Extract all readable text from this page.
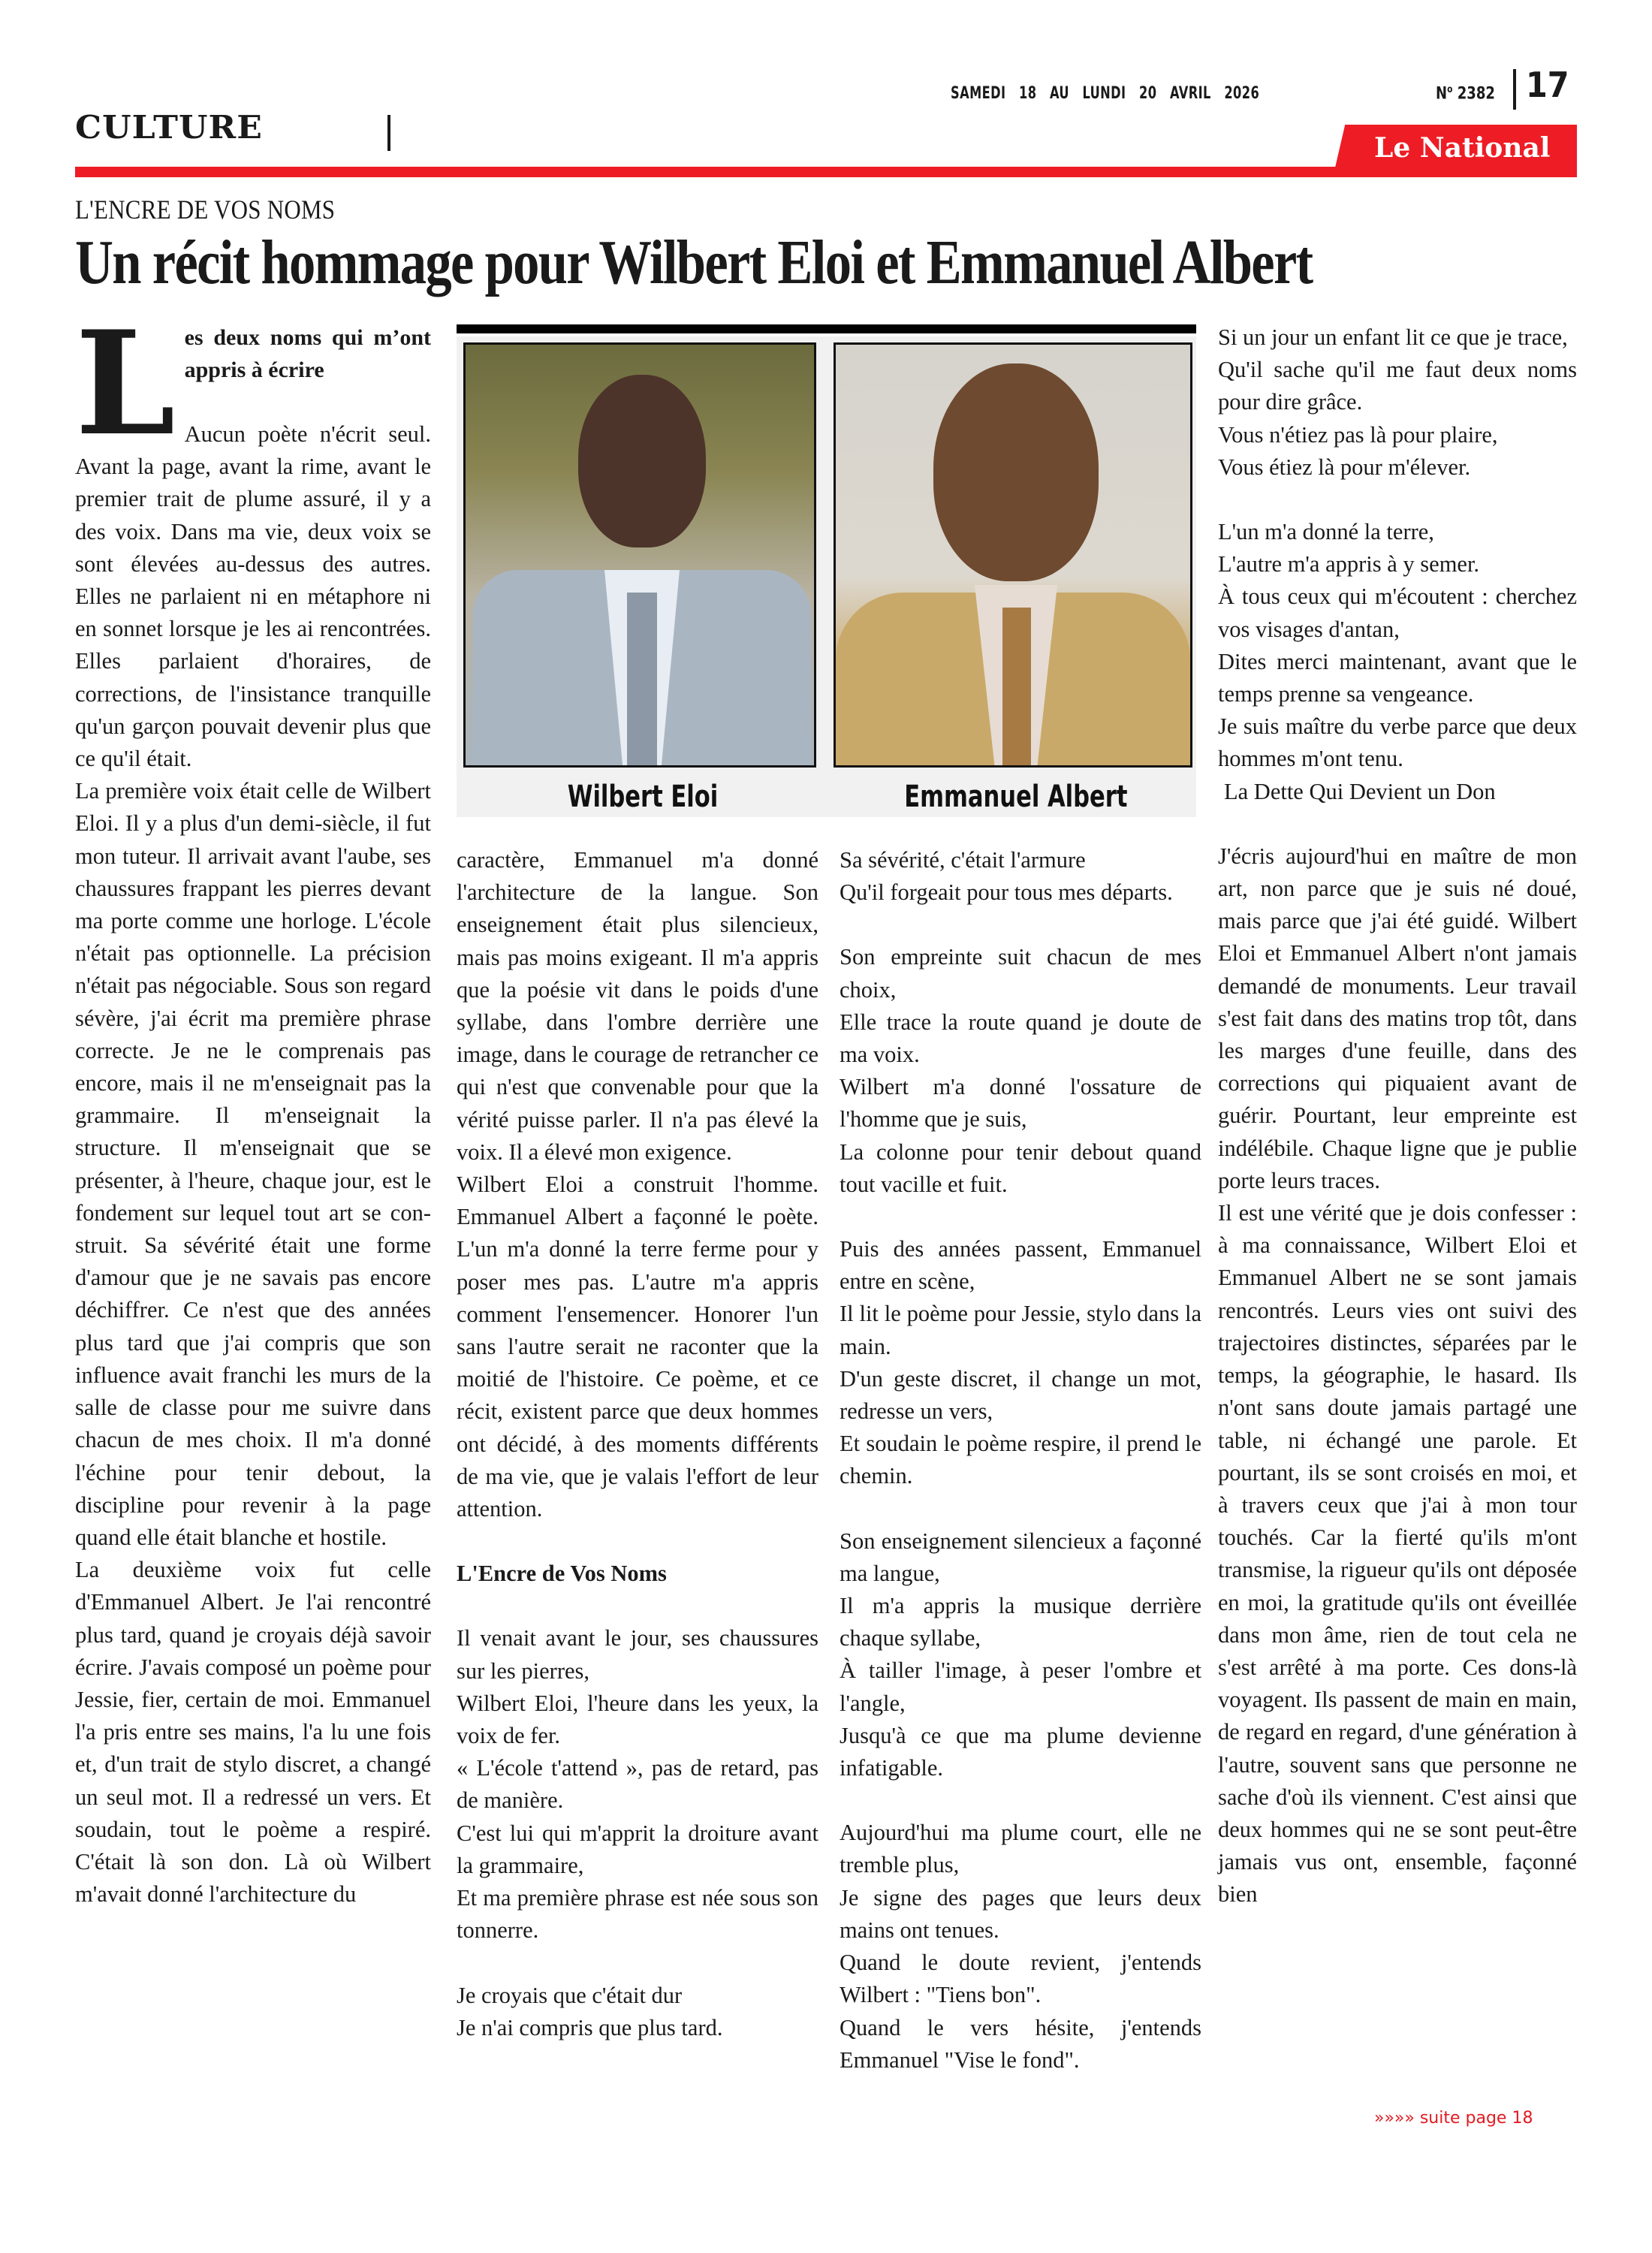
SAMEDI 18 AU LUNDI 20 AVRIL 2026	$N^o$ 2382 17
CULTURE
Le National
L'ENCRE DE VOS NOMS
Un récit hommage pour Wilbert Eloi et Emmanuel Albert
Wilbert Eloi	Emmanuel Albert
L es deux noms qui m’ont appris à écrire

Aucun poète n'écrit seul. Avant la page, avant la rime, avant le premier trait de plume assuré, il y a des voix. Dans ma vie, deux voix se sont élevées au-dessus des autres. Elles ne parlaient ni en métaphore ni en sonnet lorsque je les ai rencontrées. Elles parlaient d'horaires, de corrections, de l'insistance tranquille qu'un garçon pouvait devenir plus que ce qu'il était.

La première voix était celle de Wilbert Eloi. Il y a plus d'un demi-siècle, il fut mon tuteur. Il arrivait avant l'aube, ses chaussures frappant les pierres devant ma porte comme une horloge. L'école n'était pas optionnelle. La précision n'était pas négociable. Sous son regard sévère, j'ai écrit ma première phrase correcte. Je ne le comprenais pas encore, mais il ne m'enseignait pas la grammaire. Il m'enseignait la structure. Il m'enseignait que se présenter, à l'heure, chaque jour, est le fondement sur lequel tout art se construit. Sa sévérité était une forme d'amour que je ne savais pas encore déchiffrer. Ce n'est que des années plus tard que j'ai compris que son influence avait franchi les murs de la salle de classe pour me suivre dans chacun de mes choix. Il m'a donné l'échine pour tenir debout, la discipline pour revenir à la page quand elle était blanche et hostile.

La deuxième voix fut celle d'Emmanuel Albert. Je l'ai rencontré plus tard, quand je croyais déjà savoir écrire. J'avais composé un poème pour Jessie, fier, certain de moi. Emmanuel l'a pris entre ses mains, l'a lu une fois et, d'un trait de stylo discret, a changé un seul mot. Il a redressé un vers. Et soudain, tout le poème a respiré. C'était là son don. Là où Wilbert m'avait donné l'architecture du

caractère, Emmanuel m'a donné l'architecture de la langue. Son enseignement était plus silencieux, mais pas moins exigeant. Il m'a appris que la poésie vit dans le poids d'une syllabe, dans l'ombre derrière une image, dans le courage de retrancher ce qui n'est que convenable pour que la vérité puisse parler. Il n'a pas élevé la voix. Il a élevé mon exigence.

Wilbert Eloi a construit l'homme. Emmanuel Albert a façonné le poète. L'un m'a donné la terre ferme pour y poser mes pas. L'autre m'a appris comment l'ensemencer. Honorer l'un sans l'autre serait ne raconter que la moitié de l'histoire. Ce poème, et ce récit, existent parce que deux hommes ont décidé, à des moments différents de ma vie, que je valais l'effort de leur attention.

L'Encre de Vos Noms

Il venait avant le jour, ses chaussures sur les pierres,

Wilbert Eloi, l'heure dans les yeux, la voix de fer.

« L'école t'attend », pas de retard, pas de manière.

C'est lui qui m'apprit la droiture avant la grammaire,

Et ma première phrase est née sous son tonnerre.

Je croyais que c'était dur

Je n'ai compris que plus tard.

Sa sévérité, c'était l'armure

Qu'il forgeait pour tous mes départs.

Son empreinte suit chacun de mes choix,

Elle trace la route quand je doute de ma voix.

Wilbert m'a donné l'ossature de l'homme que je suis,

La colonne pour tenir debout quand tout vacille et fuit.

Puis des années passent, Emmanuel entre en scène,

Il lit le poème pour Jessie, stylo dans la main.

D'un geste discret, il change un mot, redresse un vers,

Et soudain le poème respire, il prend le chemin.

Son enseignement silencieux a façonné ma langue,

Il m'a appris la musique derrière chaque syllabe,

À tailler l'image, à peser l'ombre et l'angle,

Jusqu'à ce que ma plume devienne infatigable.

Aujourd'hui ma plume court, elle ne tremble plus,

Je signe des pages que leurs deux mains ont tenues.

Quand le doute revient, j'entends Wilbert : "Tiens bon".

Quand le vers hésite, j'entends Emmanuel "Vise le fond".

Si un jour un enfant lit ce que je trace,

Qu'il sache qu'il me faut deux noms pour dire grâce.

Vous n'étiez pas là pour plaire,

Vous étiez là pour m'élever.

L'un m'a donné la terre,

L'autre m'a appris à y semer.

À tous ceux qui m'écoutent : cherchez vos visages d'antan,

Dites merci maintenant, avant que le temps prenne sa vengeance.

Je suis maître du verbe parce que deux hommes m'ont tenu.

La Dette Qui Devient un Don

J'écris aujourd'hui en maître de mon art, non parce que je suis né doué, mais parce que j'ai été guidé. Wilbert Eloi et Emmanuel Albert n'ont jamais demandé de monuments. Leur travail s'est fait dans des matins trop tôt, dans les marges d'une feuille, dans des corrections qui piquaient avant de guérir. Pourtant, leur empreinte est indélébile. Chaque ligne que je publie porte leurs traces.

Il est une vérité que je dois confesser : à ma connaissance, Wilbert Eloi et Emmanuel Albert ne se sont jamais rencontrés. Leurs vies ont suivi des trajectoires distinctes, séparées par le temps, la géographie, le hasard. Ils n'ont sans doute jamais partagé une table, ni échangé une parole. Et pourtant, ils se sont croisés en moi, et à travers ceux que j'ai à mon tour touchés. Car la fierté qu'ils m'ont transmise, la rigueur qu'ils ont déposée en moi, la gratitude qu'ils ont éveillée dans mon âme, rien de tout cela ne s'est arrêté à ma porte. Ces dons-là voyagent. Ils passent de main en main, de regard en regard, d'une génération à l'autre, souvent sans que personne ne sache d'où ils viennent. C'est ainsi que deux hommes qui ne se sont peut-être jamais vus ont, ensemble, façonné bien

»»»» suite page 18
